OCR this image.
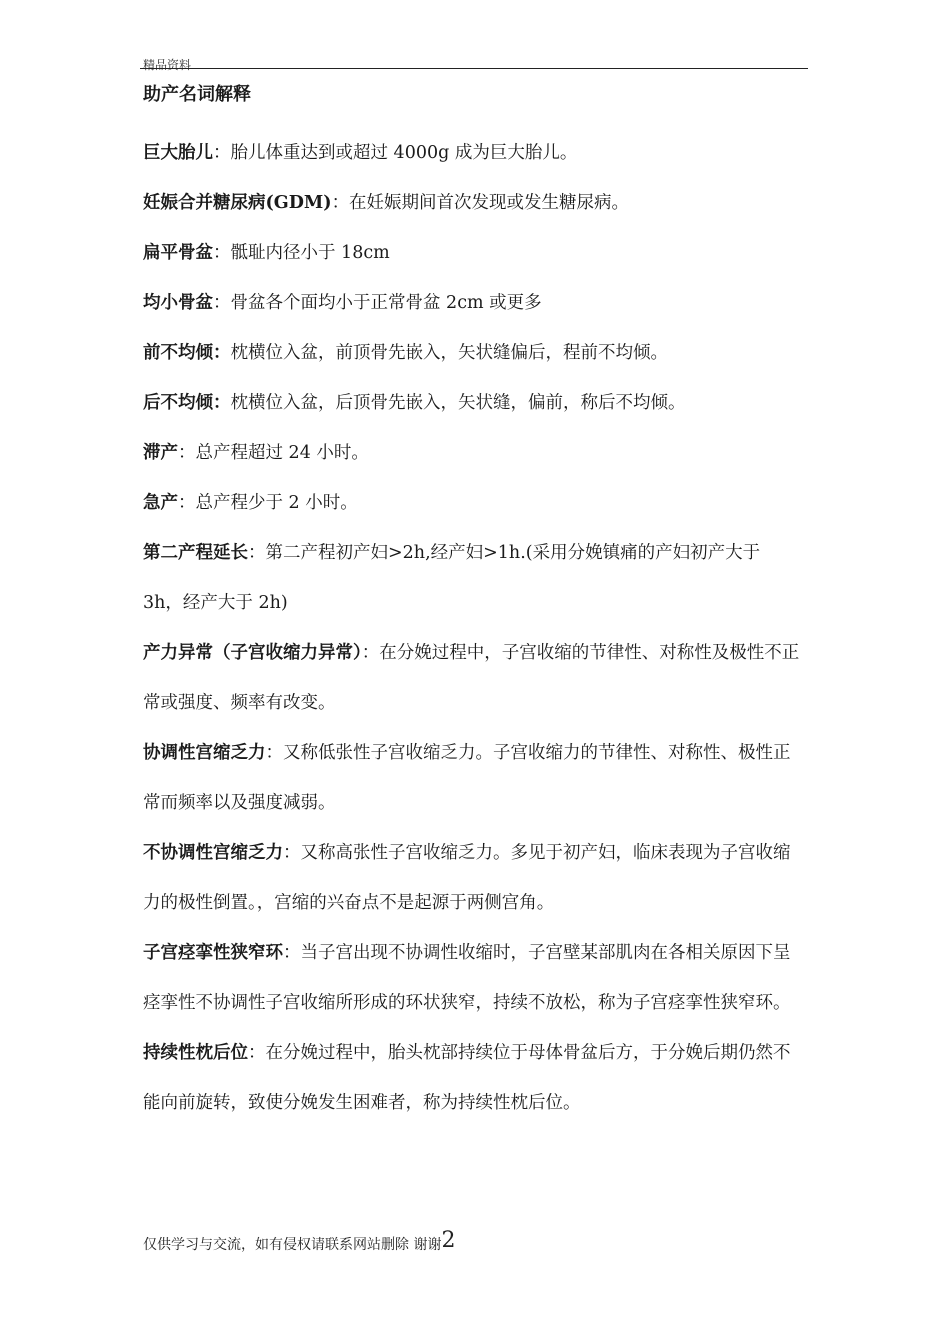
精品资料
助产名词解释

巨大胎儿：胎儿体重达到或超过 4000g 成为巨大胎儿。

妊娠合并糖尿病(GDM)：在妊娠期间首次发现或发生糖尿病。

扁平骨盆：骶耻内径小于 18cm

均小骨盆：骨盆各个面均小于正常骨盆 2cm 或更多

前不均倾：枕横位入盆，前顶骨先嵌入，矢状缝偏后，程前不均倾。

后不均倾：枕横位入盆，后顶骨先嵌入，矢状缝，偏前，称后不均倾。

滞产：总产程超过 24 小时。

急产：总产程少于 2 小时。

第二产程延长：第二产程初产妇>2h,经产妇>1h.(采用分娩镇痛的产妇初产大于 3h，经产大于 2h)

产力异常（子宫收缩力异常）：在分娩过程中，子宫收缩的节律性、对称性及极性不正常或强度、频率有改变。

协调性宫缩乏力：又称低张性子宫收缩乏力。子宫收缩力的节律性、对称性、极性正常而频率以及强度减弱。

不协调性宫缩乏力：又称高张性子宫收缩乏力。多见于初产妇，临床表现为子宫收缩力的极性倒置。，宫缩的兴奋点不是起源于两侧宫角。

子宫痉挛性狭窄环：当子宫出现不协调性收缩时，子宫壁某部肌肉在各相关原因下呈痉挛性不协调性子宫收缩所形成的环状狭窄，持续不放松，称为子宫痉挛性狭窄环。

持续性枕后位：在分娩过程中，胎头枕部持续位于母体骨盆后方，于分娩后期仍然不能向前旋转，致使分娩发生困难者，称为持续性枕后位。

仅供学习与交流，如有侵权请联系网站删除 谢谢2
